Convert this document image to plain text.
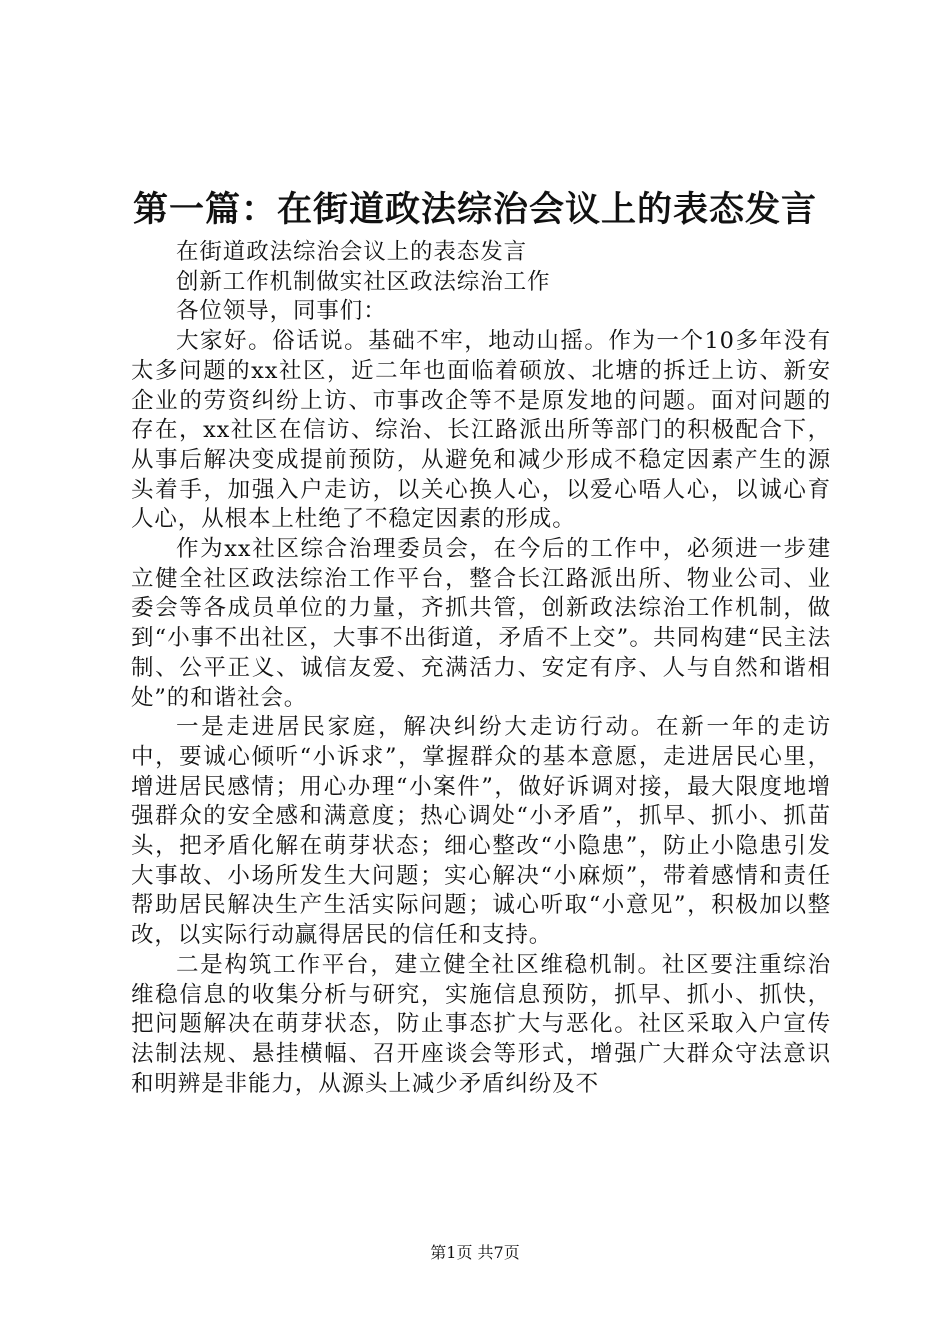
第一篇：在街道政法综治会议上的表态发言

在街道政法综治会议上的表态发言

创新工作机制做实社区政法综治工作

各位领导，同事们：

大家好。俗话说。基础不牢，地动山摇。作为一个10多年没有太多问题的xx社区，近二年也面临着硕放、北塘的拆迁上访、新安企业的劳资纠纷上访、市事改企等不是原发地的问题。面对问题的存在，xx社区在信访、综治、长江路派出所等部门的积极配合下，从事后解决变成提前预防，从避免和减少形成不稳定因素产生的源头着手，加强入户走访，以关心换人心，以爱心唔人心，以诚心育人心，从根本上杜绝了不稳定因素的形成。

作为xx社区综合治理委员会，在今后的工作中，必须进一步建立健全社区政法综治工作平台，整合长江路派出所、物业公司、业委会等各成员单位的力量，齐抓共管，创新政法综治工作机制，做到“小事不出社区，大事不出街道，矛盾不上交”。共同构建“民主法制、公平正义、诚信友爱、充满活力、安定有序、人与自然和谐相处”的和谐社会。

一是走进居民家庭，解决纠纷大走访行动。在新一年的走访中，要诚心倾听“小诉求”，掌握群众的基本意愿，走进居民心里，增进居民感情；用心办理“小案件”，做好诉调对接，最大限度地增强群众的安全感和满意度；热心调处“小矛盾”，抓早、抓小、抓苗头，把矛盾化解在萌芽状态；细心整改“小隐患”，防止小隐患引发大事故、小场所发生大问题；实心解决“小麻烦”，带着感情和责任帮助居民解决生产生活实际问题；诚心听取“小意见”，积极加以整改，以实际行动赢得居民的信任和支持。

二是构筑工作平台，建立健全社区维稳机制。社区要注重综治维稳信息的收集分析与研究，实施信息预防，抓早、抓小、抓快，把问题解决在萌芽状态，防止事态扩大与恶化。社区采取入户宣传法制法规、悬挂横幅、召开座谈会等形式，增强广大群众守法意识和明辨是非能力，从源头上减少矛盾纠纷及不

第1页 共7页
